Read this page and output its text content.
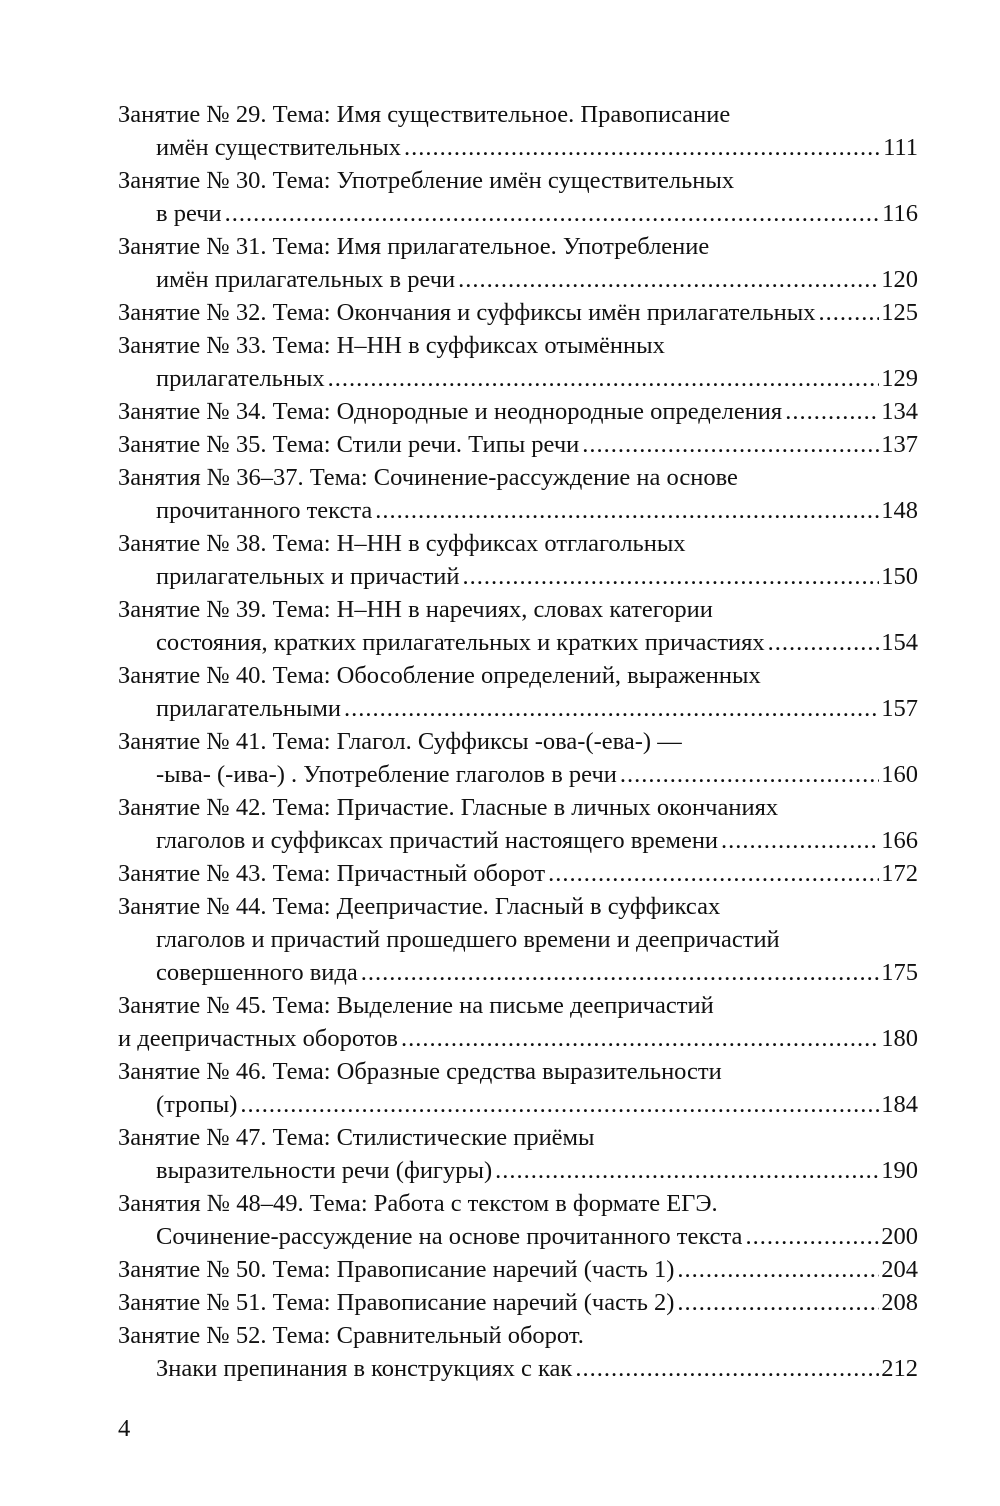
Занятие № 29. Тема: Имя существительное. Правописание
имён существительных .....	111
Занятие № 30. Тема: Употребление имён существительных
в речи .....	116
Занятие № 31. Тема: Имя прилагательное. Употребление
имён прилагательных в речи .....	120
Занятие № 32. Тема: Окончания и суффиксы имён прилагательных .....	125
Занятие № 33. Тема: Н–НН в суффиксах отымённых
прилагательных .....	129
Занятие № 34. Тема: Однородные и неоднородные определения .....	134
Занятие № 35. Тема: Стили речи. Типы речи .....	137
Занятия № 36–37. Тема: Сочинение-рассуждение на основе
прочитанного текста .....	148
Занятие № 38. Тема: Н–НН в суффиксах отглагольных
прилагательных и причастий .....	150
Занятие № 39. Тема: Н–НН в наречиях, словах категории
состояния, кратких прилагательных и кратких причастиях .....	154
Занятие № 40. Тема: Обособление определений, выраженных
прилагательными .....	157
Занятие № 41. Тема: Глагол. Суффиксы -ова-(-ева-) —
-ыва- (-ива-) . Употребление глаголов в речи .....	160
Занятие № 42. Тема: Причастие. Гласные в личных окончаниях
глаголов и суффиксах причастий настоящего времени .....	166
Занятие № 43. Тема: Причастный оборот .....	172
Занятие № 44. Тема: Деепричастие. Гласный в суффиксах
глаголов и причастий прошедшего времени и деепричастий
совершенного вида .....	175
Занятие № 45. Тема: Выделение на письме деепричастий
и деепричастных оборотов .....	180
Занятие № 46. Тема: Образные средства выразительности
(тропы) .....	184
Занятие № 47. Тема: Стилистические приёмы
выразительности речи (фигуры) .....	190
Занятия № 48–49. Тема: Работа с текстом в формате ЕГЭ.
Сочинение-рассуждение на основе прочитанного текста .....	200
Занятие № 50. Тема: Правописание наречий (часть 1) .....	204
Занятие № 51. Тема: Правописание наречий (часть 2) .....	208
Занятие № 52. Тема: Сравнительный оборот.
Знаки препинания в конструкциях с как .....	212
4
